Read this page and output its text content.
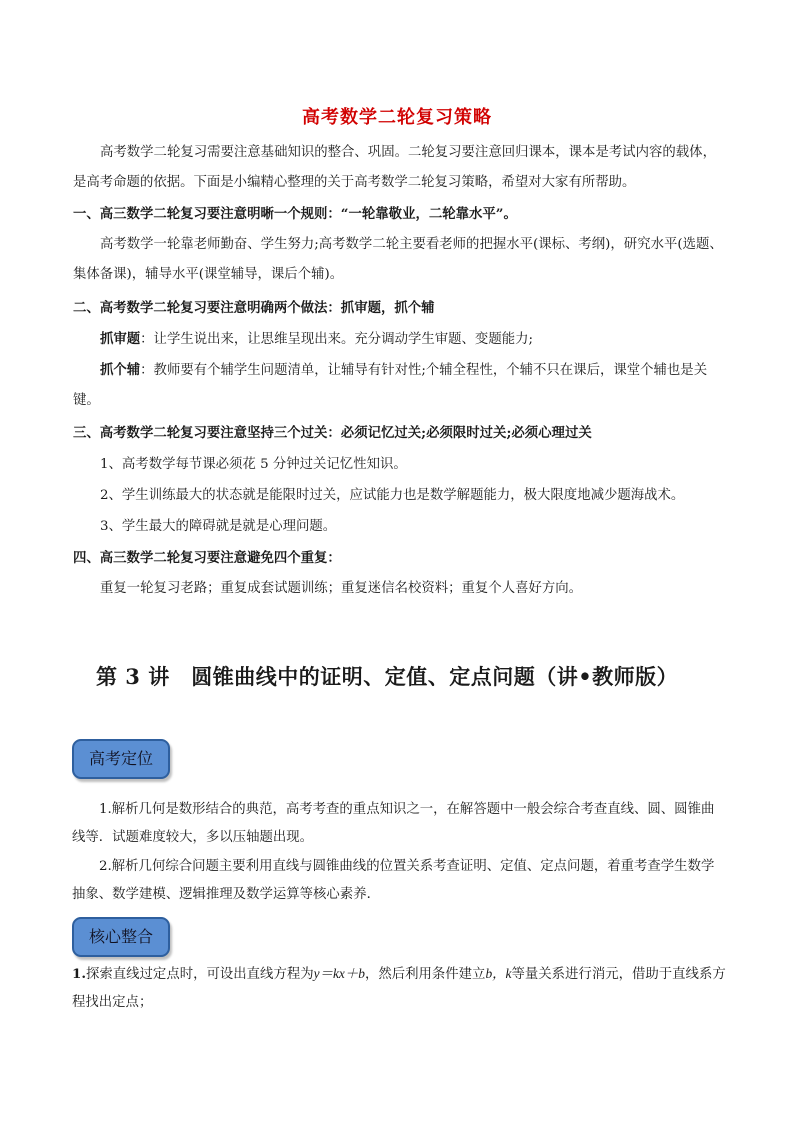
高考数学二轮复习策略
高考数学二轮复习需要注意基础知识的整合、巩固。二轮复习要注意回归课本，课本是考试内容的载体，是高考命题的依据。下面是小编精心整理的关于高考数学二轮复习策略，希望对大家有所帮助。
一、高三数学二轮复习要注意明晰一个规则：“一轮靠敬业，二轮靠水平”。
高考数学一轮靠老师勤奋、学生努力;高考数学二轮主要看老师的把握水平(课标、考纲)，研究水平(选题、集体备课)，辅导水平(课堂辅导，课后个辅)。
二、高考数学二轮复习要注意明确两个做法：抓审题，抓个辅
抓审题：让学生说出来，让思维呈现出来。充分调动学生审题、变题能力;
抓个辅：教师要有个辅学生问题清单，让辅导有针对性;个辅全程性，个辅不只在课后，课堂个辅也是关键。
三、高考数学二轮复习要注意坚持三个过关：必须记忆过关;必须限时过关;必须心理过关
1、高考数学每节课必须花 5 分钟过关记忆性知识。
2、学生训练最大的状态就是能限时过关，应试能力也是数学解题能力，极大限度地减少题海战术。
3、学生最大的障碍就是就是心理问题。
四、高三数学二轮复习要注意避免四个重复：
重复一轮复习老路；重复成套试题训练；重复迷信名校资料；重复个人喜好方向。
第 3 讲　圆锥曲线中的证明、定值、定点问题（讲•教师版）
高考定位
1.解析几何是数形结合的典范，高考考查的重点知识之一，在解答题中一般会综合考查直线、圆、圆锥曲线等．试题难度较大，多以压轴题出现。
2.解析几何综合问题主要利用直线与圆锥曲线的位置关系考查证明、定值、定点问题，着重考查学生数学抽象、数学建模、逻辑推理及数学运算等核心素养．
核心整合
1.探索直线过定点时，可设出直线方程为y＝kx＋b，然后利用条件建立b，k等量关系进行消元，借助于直线系方程找出定点；
